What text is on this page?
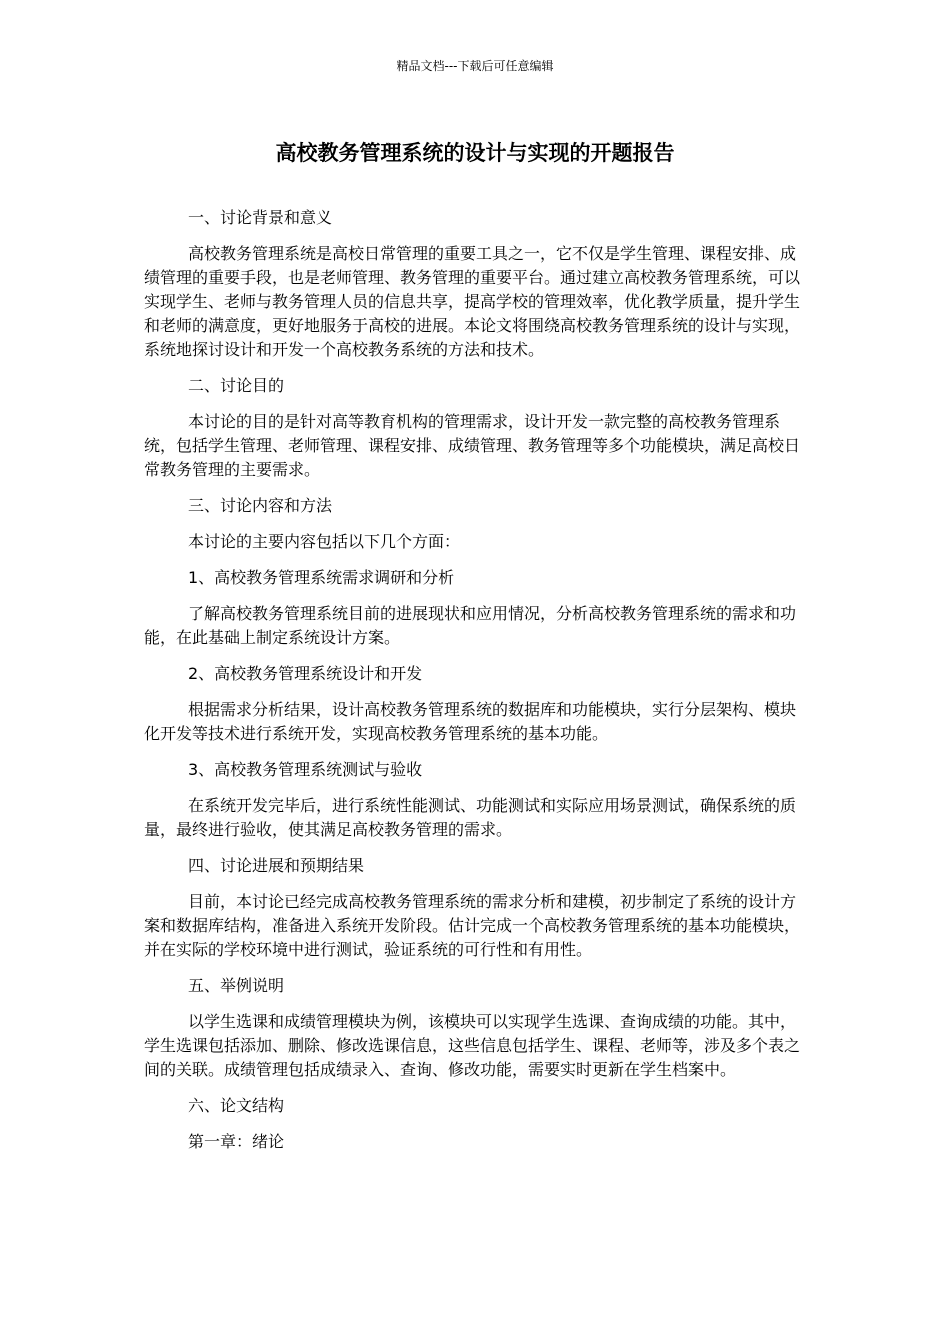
精品文档---下载后可任意编辑
高校教务管理系统的设计与实现的开题报告

一、讨论背景和意义

高校教务管理系统是高校日常管理的重要工具之一，它不仅是学生管理、课程安排、成绩管理的重要手段，也是老师管理、教务管理的重要平台。通过建立高校教务管理系统，可以实现学生、老师与教务管理人员的信息共享，提高学校的管理效率，优化教学质量，提升学生和老师的满意度，更好地服务于高校的进展。本论文将围绕高校教务管理系统的设计与实现，系统地探讨设计和开发一个高校教务系统的方法和技术。

二、讨论目的

本讨论的目的是针对高等教育机构的管理需求，设计开发一款完整的高校教务管理系统，包括学生管理、老师管理、课程安排、成绩管理、教务管理等多个功能模块，满足高校日常教务管理的主要需求。

三、讨论内容和方法

本讨论的主要内容包括以下几个方面：

1、高校教务管理系统需求调研和分析

了解高校教务管理系统目前的进展现状和应用情况，分析高校教务管理系统的需求和功能，在此基础上制定系统设计方案。

2、高校教务管理系统设计和开发

根据需求分析结果，设计高校教务管理系统的数据库和功能模块，实行分层架构、模块化开发等技术进行系统开发，实现高校教务管理系统的基本功能。

3、高校教务管理系统测试与验收

在系统开发完毕后，进行系统性能测试、功能测试和实际应用场景测试，确保系统的质量，最终进行验收，使其满足高校教务管理的需求。

四、讨论进展和预期结果

目前，本讨论已经完成高校教务管理系统的需求分析和建模，初步制定了系统的设计方案和数据库结构，准备进入系统开发阶段。估计完成一个高校教务管理系统的基本功能模块，并在实际的学校环境中进行测试，验证系统的可行性和有用性。

五、举例说明

以学生选课和成绩管理模块为例，该模块可以实现学生选课、查询成绩的功能。其中，学生选课包括添加、删除、修改选课信息，这些信息包括学生、课程、老师等，涉及多个表之间的关联。成绩管理包括成绩录入、查询、修改功能，需要实时更新在学生档案中。

六、论文结构

第一章：绪论
